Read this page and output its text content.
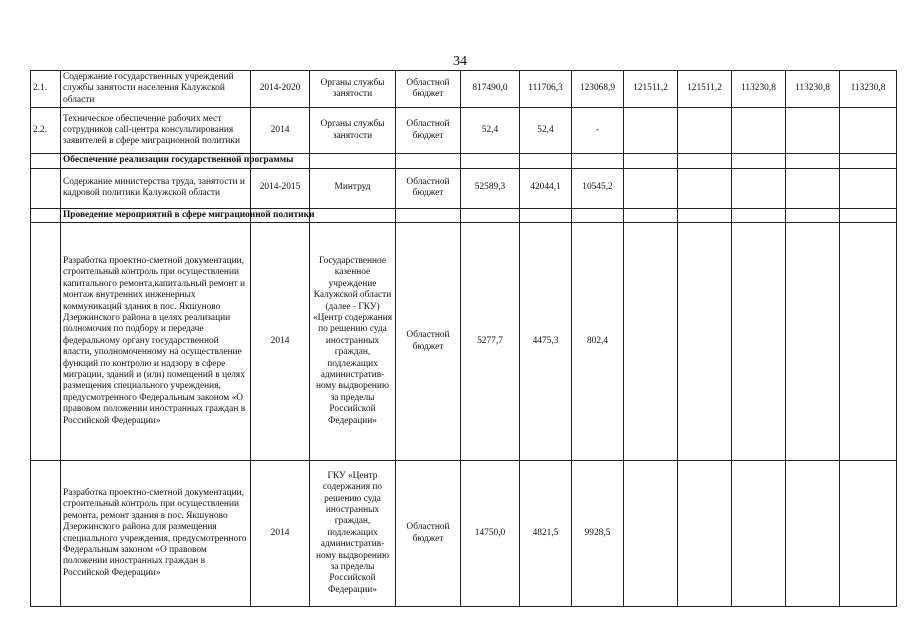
34
2.1.	Содержание государственных учреждений службы занятости населения Калужской области	2014-2020	Органы службы занятости	Областной бюджет	817490,0	111706,3	123068,9	121511,2	121511,2	113230,8	113230,8	113230,8
2.2.	Техническое обеспечение рабочих мест сотрудников call-центра консультирования заявителей в сфере миграционной политики	2014	Органы службы занятости	Областной бюджет	52,4	52,4	-					
	Обеспечение реализации государственной программы											
	Содержание министерства труда, занятости и кадровой политики Калужской области	2014-2015	Минтруд	Областной бюджет	52589,3	42044,1	10545,2					
	Проведение мероприятий в сфере миграционной политики											
	Разработка проектно-сметной документации, строительный контроль при осуществлении капитального ремонта,капитальный ремонт и монтаж внутренних инженерных коммуникаций здания в пос. Якшуново Дзержинского района в целях реализации полномочия по подбору и передаче федеральному органу государственной власти, уполномоченному на осуществление функций по контролю и надзору в сфере миграции, зданий и (или) помещений в целях размещения специального учреждения, предусмотренного Федеральным законом «О правовом положении иностранных граждан в Российской Федерации»	2014	Государственное казенное учреждение Калужской области (далее - ГКУ) «Центр содержания по решению суда иностранных граждан, подлежащих административ-ному выдворению за пределы Российской Федерации»	Областной бюджет	5277,7	4475,3	802,4					
	Разработка проектно-сметной документации, строительный контроль при осуществлении ремонта, ремонт здания в пос. Якшуново Дзержинского района для размещения специального учреждения, предусмотренного Федеральным законом «О правовом положении иностранных граждан в Российской Федерации»	2014	ГКУ «Центр содержания по решению суда иностранных граждан, подлежащих административ-ному выдворению за пределы Российской Федерации»	Областной бюджет	14750,0	4821,5	9928,5					
